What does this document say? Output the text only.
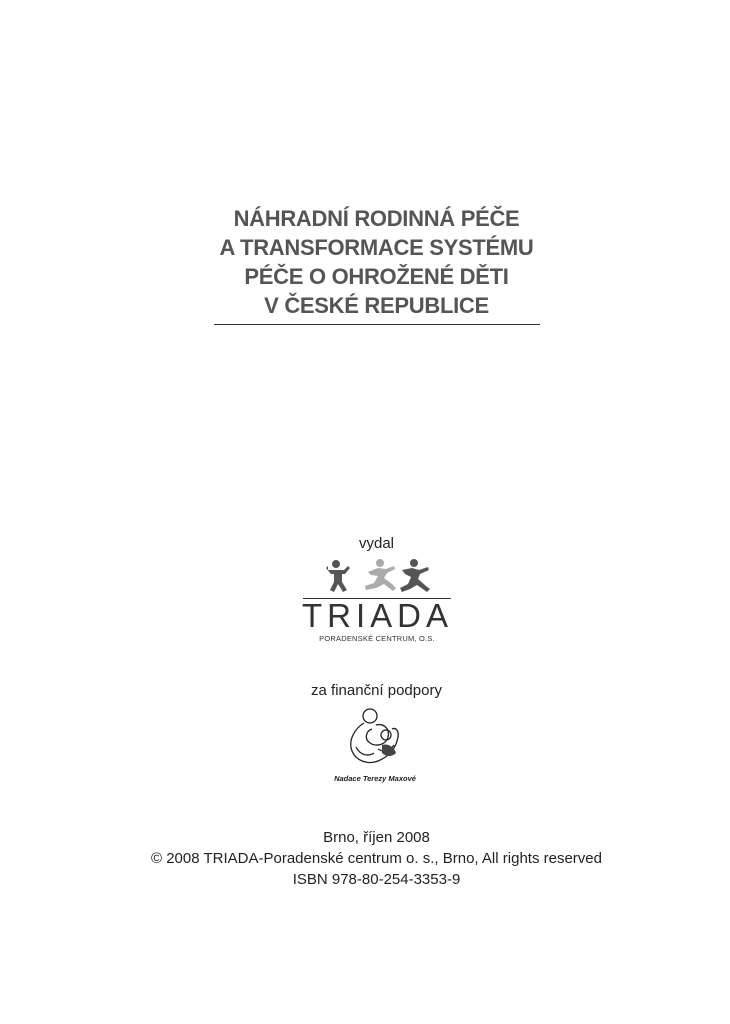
NÁHRADNÍ RODINNÁ PÉČE
A TRANSFORMACE SYSTÉMU
PÉČE O OHROŽENÉ DĚTI
V ČESKÉ REPUBLICE
vydal
TRIADA
PORADENSKÉ CENTRUM, O.S.
za finanční podpory
Nadace Terezy Maxové
Brno, říjen 2008
© 2008 TRIADA-Poradenské centrum o. s., Brno, All rights reserved
ISBN 978-80-254-3353-9
